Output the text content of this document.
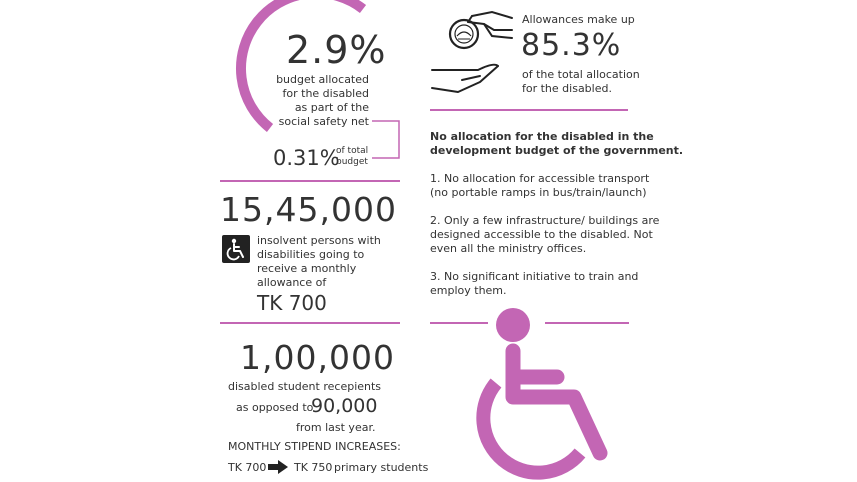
2.9%
budget allocated
for the disabled
as part of the
social safety net
0.31%
of total
budget
15,45,000
insolvent persons with
disabilities going to
receive a monthly
allowance of
TK 700
1,00,000
disabled student recepients
as opposed to
90,000
from last year.
MONTHLY STIPEND INCREASES:
TK 700	TK 750 primary students
Allowances make up
85.3%
of the total allocation
for the disabled.
No allocation for the disabled in the
development budget of the government.
1. No allocation for accessible transport
(no portable ramps in bus/train/launch)
2. Only a few infrastructure/ buildings are
designed accessible to the disabled. Not
even all the ministry offices.
3. No significant initiative to train and
employ them.
